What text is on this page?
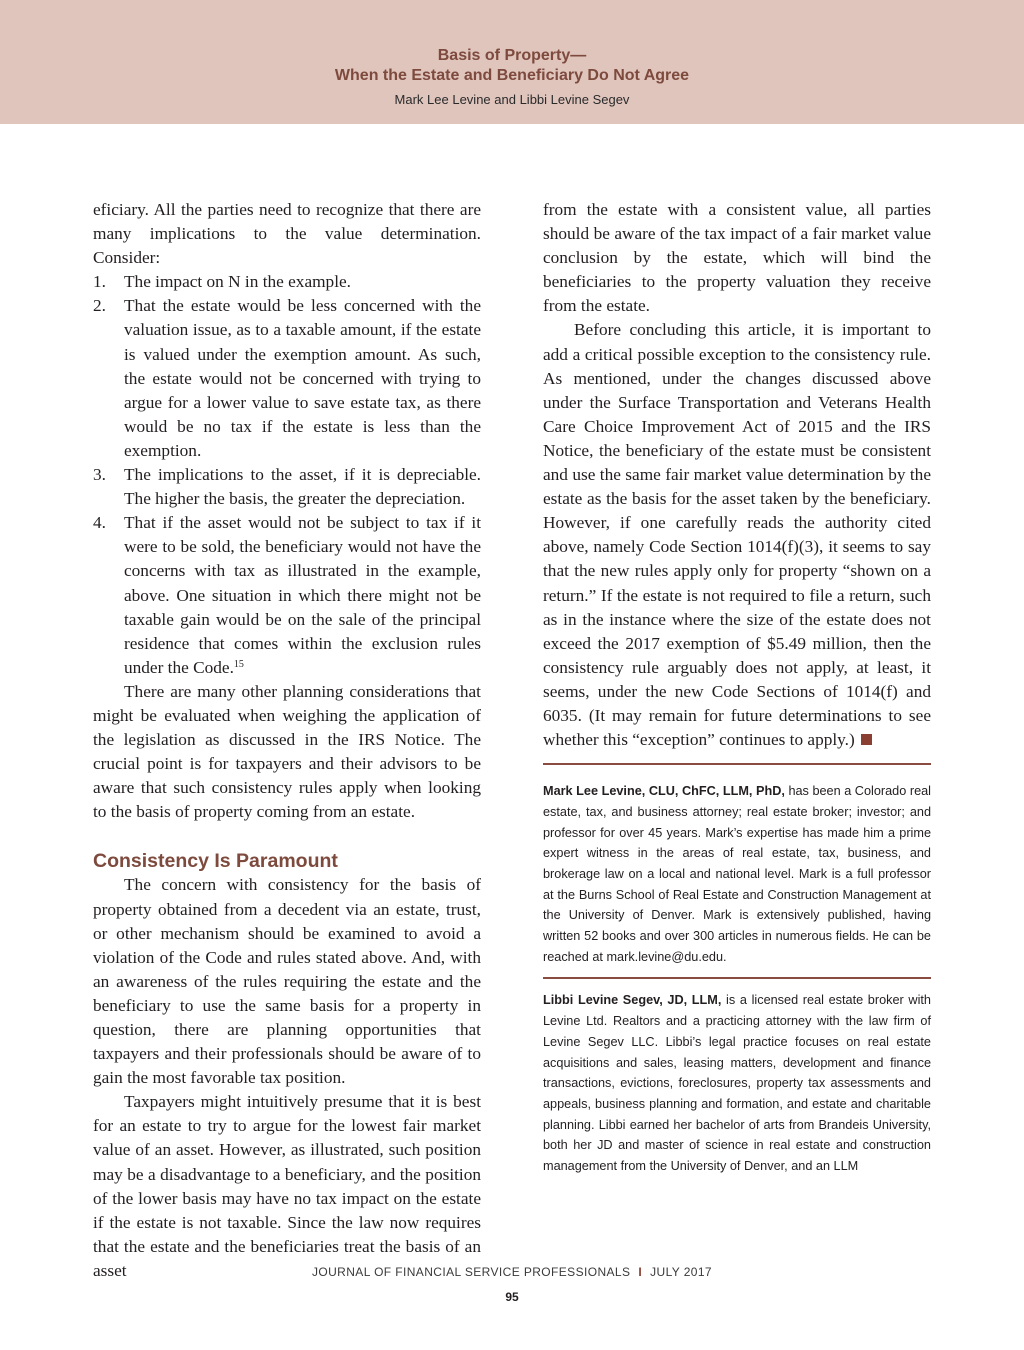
Basis of Property—
When the Estate and Beneficiary Do Not Agree
Mark Lee Levine and Libbi Levine Segev

eficiary. All the parties need to recognize that there are many implications to the value determination. Consider:

1. The impact on N in the example.
2. That the estate would be less concerned with the valuation issue, as to a taxable amount, if the estate is valued under the exemption amount. As such, the estate would not be concerned with trying to argue for a lower value to save estate tax, as there would be no tax if the estate is less than the exemption.
3. The implications to the asset, if it is depreciable. The higher the basis, the greater the depreciation.
4. That if the asset would not be subject to tax if it were to be sold, the beneficiary would not have the concerns with tax as illustrated in the example, above. One situation in which there might not be taxable gain would be on the sale of the principal residence that comes within the exclusion rules under the Code.$^{15}$

There are many other planning considerations that might be evaluated when weighing the application of the legislation as discussed in the IRS Notice. The crucial point is for taxpayers and their advisors to be aware that such consistency rules apply when looking to the basis of property coming from an estate.

Consistency Is Paramount

The concern with consistency for the basis of property obtained from a decedent via an estate, trust, or other mechanism should be examined to avoid a violation of the Code and rules stated above. And, with an awareness of the rules requiring the estate and the beneficiary to use the same basis for a property in question, there are planning opportunities that taxpayers and their professionals should be aware of to gain the most favorable tax position.

Taxpayers might intuitively presume that it is best for an estate to try to argue for the lowest fair market value of an asset. However, as illustrated, such position may be a disadvantage to a beneficiary, and the position of the lower basis may have no tax impact on the estate if the estate is not taxable. Since the law now requires that the estate and the beneficiaries treat the basis of an asset

from the estate with a consistent value, all parties should be aware of the tax impact of a fair market value conclusion by the estate, which will bind the beneficiaries to the property valuation they receive from the estate.

Before concluding this article, it is important to add a critical possible exception to the consistency rule. As mentioned, under the changes discussed above under the Surface Transportation and Veterans Health Care Choice Improvement Act of 2015 and the IRS Notice, the beneficiary of the estate must be consistent and use the same fair market value determination by the estate as the basis for the asset taken by the beneficiary. However, if one carefully reads the authority cited above, namely Code Section 1014(f)(3), it seems to say that the new rules apply only for property “shown on a return.” If the estate is not required to file a return, such as in the instance where the size of the estate does not exceed the 2017 exemption of $5.49 million, then the consistency rule arguably does not apply, at least, it seems, under the new Code Sections of 1014(f) and 6035. (It may remain for future determinations to see whether this “exception” continues to apply.)

Mark Lee Levine, CLU, ChFC, LLM, PhD, has been a Colorado real estate, tax, and business attorney; real estate broker; investor; and professor for over 45 years. Mark’s expertise has made him a prime expert witness in the areas of real estate, tax, business, and brokerage law on a local and national level. Mark is a full professor at the Burns School of Real Estate and Construction Management at the University of Denver. Mark is extensively published, having written 52 books and over 300 articles in numerous fields. He can be reached at mark.levine@du.edu.

Libbi Levine Segev, JD, LLM, is a licensed real estate broker with Levine Ltd. Realtors and a practicing attorney with the law firm of Levine Segev LLC. Libbi’s legal practice focuses on real estate acquisitions and sales, leasing matters, development and finance transactions, evictions, foreclosures, property tax assessments and appeals, business planning and formation, and estate and charitable planning. Libbi earned her bachelor of arts from Brandeis University, both her JD and master of science in real estate and construction management from the University of Denver, and an LLM

JOURNAL OF FINANCIAL SERVICE PROFESSIONALS I JULY 2017
95
